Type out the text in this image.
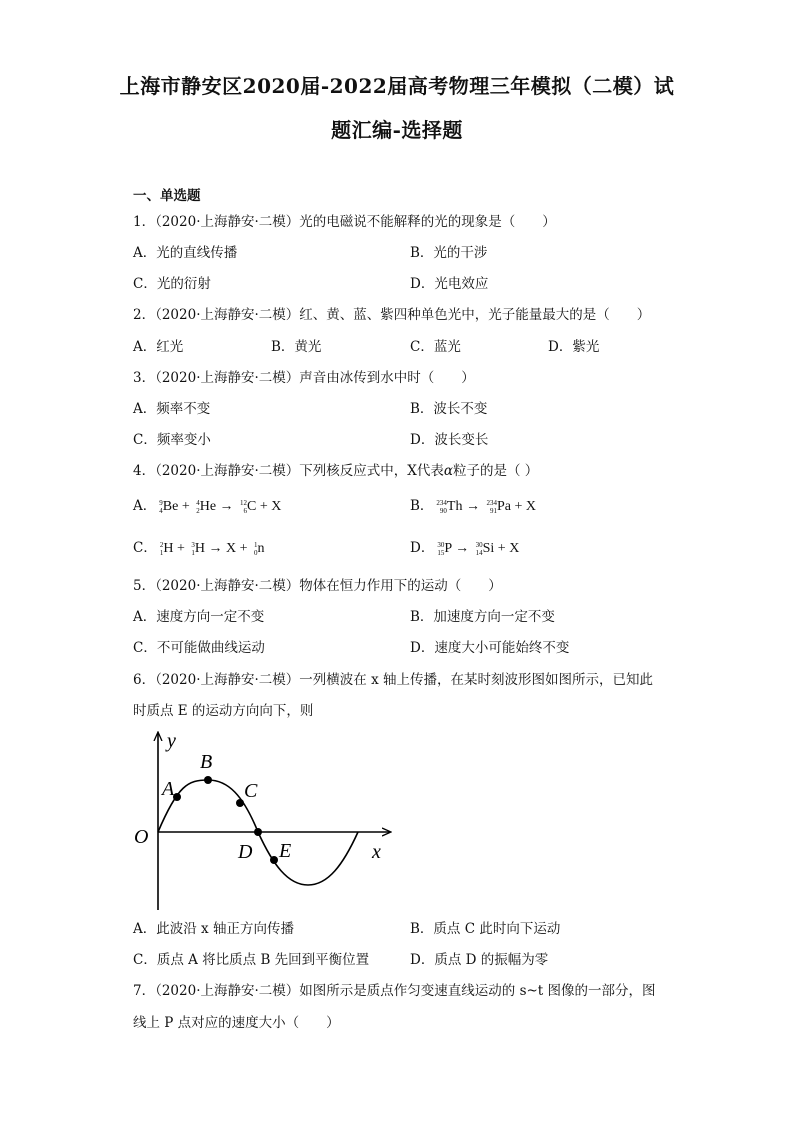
上海市静安区2020届-2022届高考物理三年模拟（二模）试
题汇编-选择题
一、单选题
1．（2020·上海静安·二模）光的电磁说不能解释的光的现象是（　　）
A．光的直线传播	B．光的干涉
C．光的衍射	D．光电效应
2．（2020·上海静安·二模）红、黄、蓝、紫四种单色光中，光子能量最大的是（　　）
A．红光	B．黄光	C．蓝光	D．紫光
3．（2020·上海静安·二模）声音由冰传到水中时（　　）
A．频率不变	B．波长不变
C．频率变小	D．波长变长
4．（2020·上海静安·二模）下列核反应式中，X代表α粒子的是（ ）
A． 9
4 Be + 4
2 He → 12
6 C + X	B． 234
90 Th → 234
91 Pa + X
C． 2
1 H + 3
1 H → X + 1
0 n	D． 30
15 P → 30
14 Si + X
5．（2020·上海静安·二模）物体在恒力作用下的运动（　　）
A．速度方向一定不变	B．加速度方向一定不变
C．不可能做曲线运动	D．速度大小可能始终不变
6．（2020·上海静安·二模）一列横波在 x 轴上传播，在某时刻波形图如图所示，已知此
时质点 E 的运动方向向下，则
y
x
O
A
B
C
D E
A．此波沿 x 轴正方向传播	B．质点 C 此时向下运动
C．质点 A 将比质点 B 先回到平衡位置	D．质点 D 的振幅为零
7．（2020·上海静安·二模）如图所示是质点作匀变速直线运动的 s~t 图像的一部分，图
线上 P 点对应的速度大小（　　）
